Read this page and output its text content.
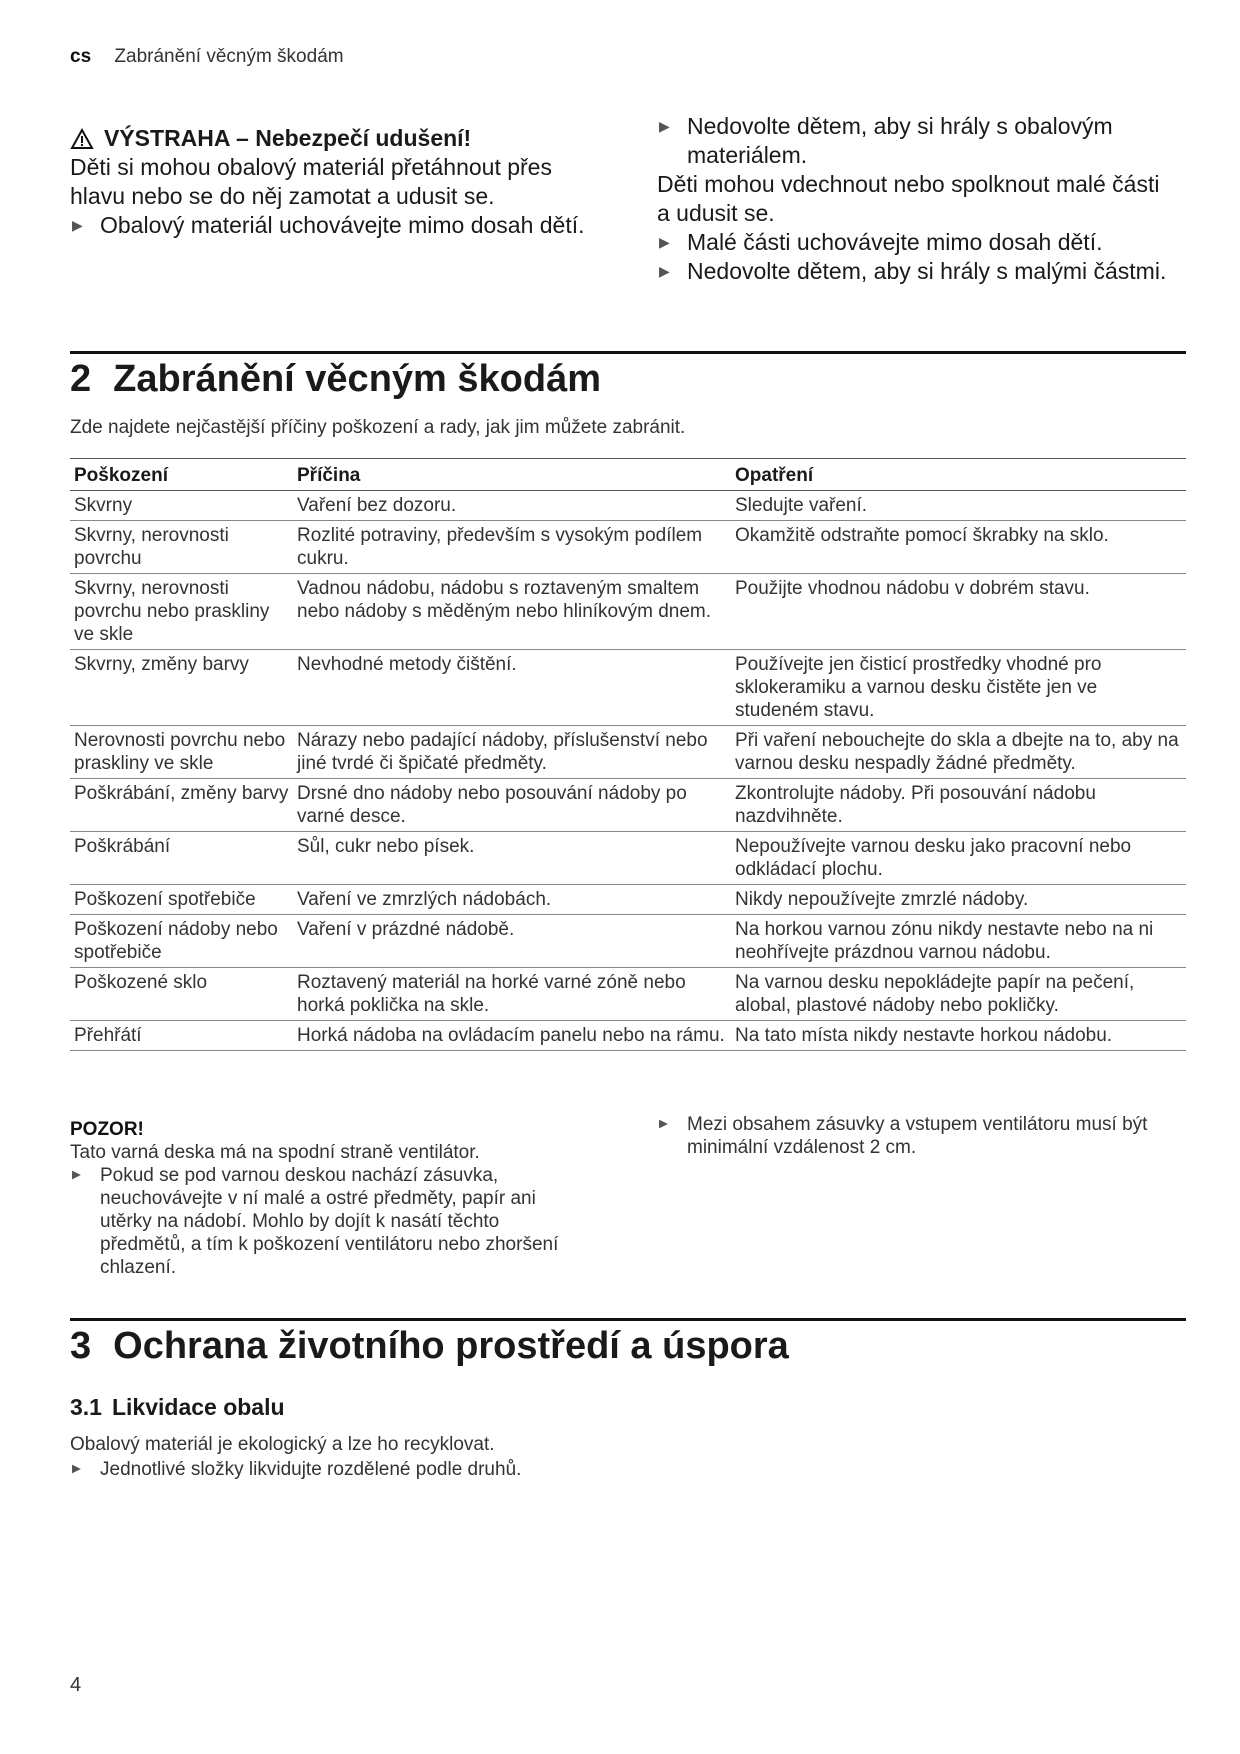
cs Zabránění věcným škodám
VÝSTRAHA – Nebezpečí udušení!

Děti si mohou obalový materiál přetáhnout přes hlavu nebo se do něj zamotat a udusit se.

▶ Obalový materiál uchovávejte mimo dosah dětí.
▶ Nedovolte dětem, aby si hrály s obalovým materiálem.

Děti mohou vdechnout nebo spolknout malé části a udusit se.

▶ Malé části uchovávejte mimo dosah dětí.
▶ Nedovolte dětem, aby si hrály s malými částmi.
2 Zabránění věcným škodám
Zde najdete nejčastější příčiny poškození a rady, jak jim můžete zabránit.
Poškození	Příčina	Opatření
Skvrny	Vaření bez dozoru.	Sledujte vaření.
Skvrny, nerovnosti povrchu	Rozlité potraviny, především s vysokým podílem cukru.	Okamžitě odstraňte pomocí škrabky na sklo.
Skvrny, nerovnosti povrchu nebo praskliny ve skle	Vadnou nádobu, nádobu s roztaveným smaltem nebo nádoby s měděným nebo hliníkovým dnem.	Použijte vhodnou nádobu v dobrém stavu.
Skvrny, změny barvy	Nevhodné metody čištění.	Používejte jen čisticí prostředky vhodné pro sklokeramiku a varnou desku čistěte jen ve studeném stavu.
Nerovnosti povrchu nebo praskliny ve skle	Nárazy nebo padající nádoby, příslušenství nebo jiné tvrdé či špičaté předměty.	Při vaření nebouchejte do skla a dbejte na to, aby na varnou desku nespadly žádné předměty.
Poškrábání, změny barvy	Drsné dno nádoby nebo posouvání nádoby po varné desce.	Zkontrolujte nádoby. Při posouvání nádobu nazdvihněte.
Poškrábání	Sůl, cukr nebo písek.	Nepoužívejte varnou desku jako pracovní nebo odkládací plochu.
Poškození spotřebiče	Vaření ve zmrzlých nádobách.	Nikdy nepoužívejte zmrzlé nádoby.
Poškození nádoby nebo spotřebiče	Vaření v prázdné nádobě.	Na horkou varnou zónu nikdy nestavte nebo na ni neohřívejte prázdnou varnou nádobu.
Poškozené sklo	Roztavený materiál na horké varné zóně nebo horká poklička na skle.	Na varnou desku nepokládejte papír na pečení, alobal, plastové nádoby nebo pokličky.
Přehřátí	Horká nádoba na ovládacím panelu nebo na rámu.	Na tato místa nikdy nestavte horkou nádobu.
POZOR!

Tato varná deska má na spodní straně ventilátor.

▶ Pokud se pod varnou deskou nachází zásuvka, neuchovávejte v ní malé a ostré předměty, papír ani utěrky na nádobí. Mohlo by dojít k nasátí těchto předmětů, a tím k poškození ventilátoru nebo zhoršení chlazení.
▶ Mezi obsahem zásuvky a vstupem ventilátoru musí být minimální vzdálenost 2 cm.
3 Ochrana životního prostředí a úspora
3.1 Likvidace obalu

Obalový materiál je ekologický a lze ho recyklovat.

▶ Jednotlivé složky likvidujte rozdělené podle druhů.
4
